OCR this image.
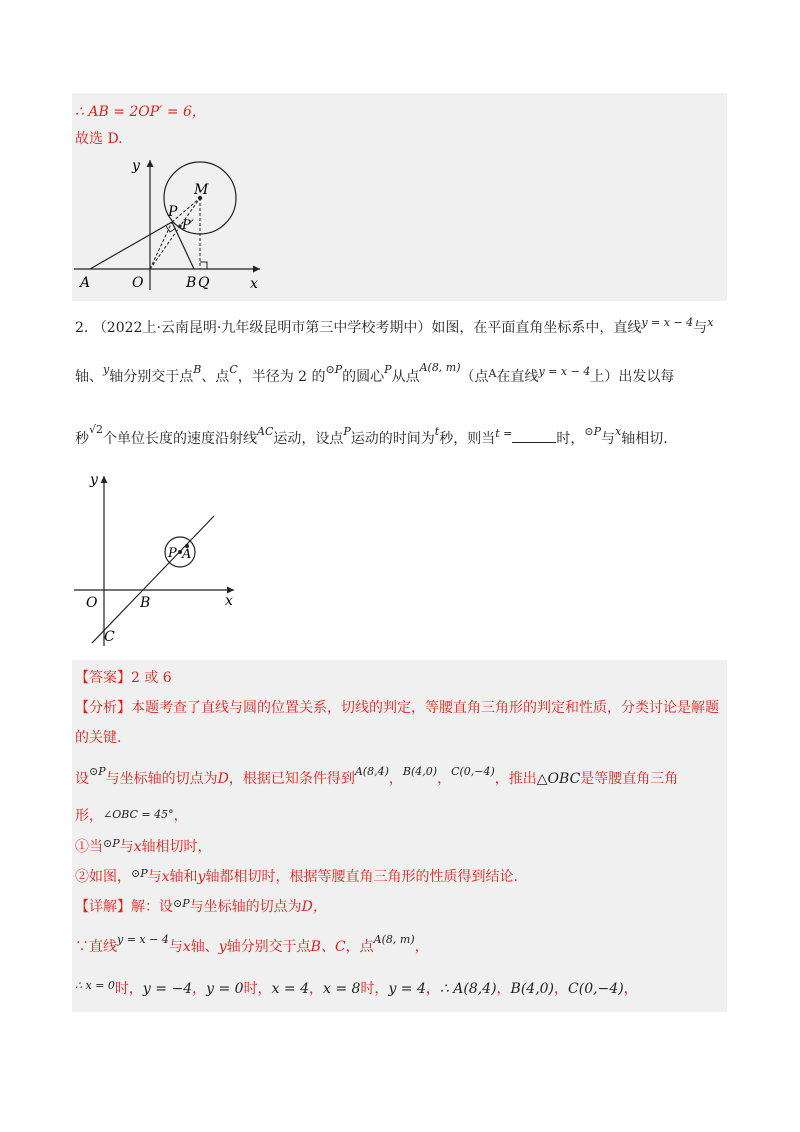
∴ AB = 2OP′ = 6，
故选 D.
y
x
O
A	B Q
P
P′
M
2. （2022上·云南昆明·九年级昆明市第三中学校考期中）如图，在平面直角坐标系中，直线$^{y = x - 4}$与$^x$
轴、$^y$轴分别交于点$^B$、点$^C$，半径为 2 的$^{⊙P}$的圆心$^P$从点$^{A(8, m)}$（点$^A$在直线$^{y = x - 4}$上）出发以每
秒$^{√2}$个单位长度的速度沿射线$^{AC}$运动，设点$^P$运动的时间为$^t$秒，则当$^{t =}$	时，$^{⊙P}$与$^x$轴相切.
y
x
O	B
C
P A
【答案】2 或 6
【分析】本题考查了直线与圆的位置关系，切线的判定，等腰直角三角形的判定和性质，分类讨论是解题
的关键.
设$^{⊙P}$与坐标轴的切点为D，根据已知条件得到$^{A(8,4)}$，$^{B(4,0)}$，$^{C(0,-4)}$，推出△OBC是等腰直角三角
形，∠OBC = 45°，
①当$^{⊙P}$与x轴相切时，
②如图，$^{⊙P}$与x轴和y轴都相切时，根据等腰直角三角形的性质得到结论.
【详解】解：设$^{⊙P}$与坐标轴的切点为D，
∵直线$^{y = x - 4}$与x轴、y轴分别交于点B、C，点$^{A(8, m)}$，
$^{\therefore x = 0}$时，y = −4，y = 0时，x = 4，x = 8时，y = 4，∴ A(8,4)，B(4,0)，C(0,−4)，
